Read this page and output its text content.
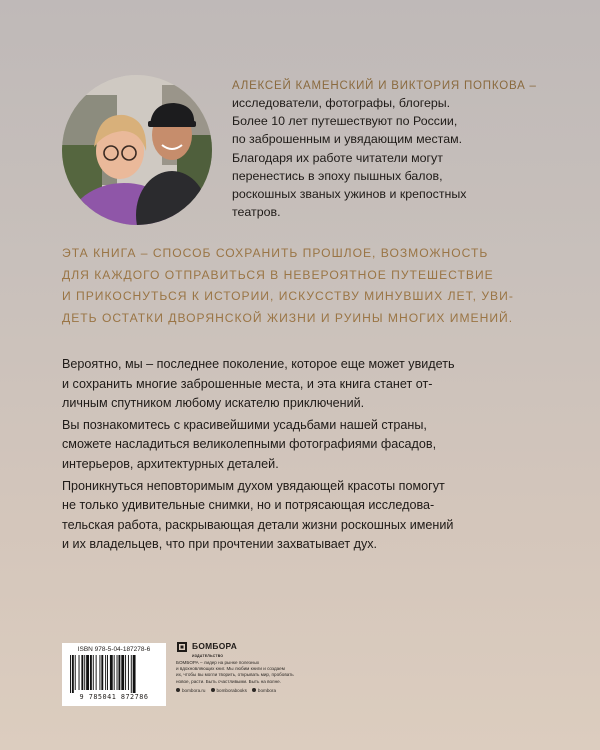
АЛЕКСЕЙ КАМЕНСКИЙ И ВИКТОРИЯ ПОПКОВА –

исследователи, фотографы, блогеры.
Более 10 лет путешествуют по России,
по заброшенным и увядающим местам.
Благодаря их работе читатели могут
перенестись в эпоху пышных балов,
роскошных званых ужинов и крепостных
театров.

ЭТА КНИГА – СПОСОБ СОХРАНИТЬ ПРОШЛОЕ, ВОЗМОЖНОСТЬ
ДЛЯ КАЖДОГО ОТПРАВИТЬСЯ В НЕВЕРОЯТНОЕ ПУТЕШЕСТВИЕ
И ПРИКОСНУТЬСЯ К ИСТОРИИ, ИСКУССТВУ МИНУВШИХ ЛЕТ, УВИ-
ДЕТЬ ОСТАТКИ ДВОРЯНСКОЙ ЖИЗНИ И РУИНЫ МНОГИХ ИМЕНИЙ.

Вероятно, мы – последнее поколение, которое еще может увидеть
и сохранить многие заброшенные места, и эта книга станет от-
личным спутником любому искателю приключений.

Вы познакомитесь с красивейшими усадьбами нашей страны,
сможете насладиться великолепными фотографиями фасадов,
интерьеров, архитектурных деталей.

Проникнуться неповторимым духом увядающей красоты помогут
не только удивительные снимки, но и потрясающая исследова-
тельская работа, раскрывающая детали жизни роскошных имений
и их владельцев, что при прочтении захватывает дух.

ISBN 978-5-04-187278-6

9 785041 872786

БОМБОРА
ИЗДАТЕЛЬСТВО

БОМБОРА – лидер на рынке полезных
и вдохновляющих книг. Мы любим книги и создаем
их, чтобы вы могли творить, открывать мир, пробовать
новое, расти. Быть счастливыми. Быть на волне.

bombora.ru bomborabooks bombora
